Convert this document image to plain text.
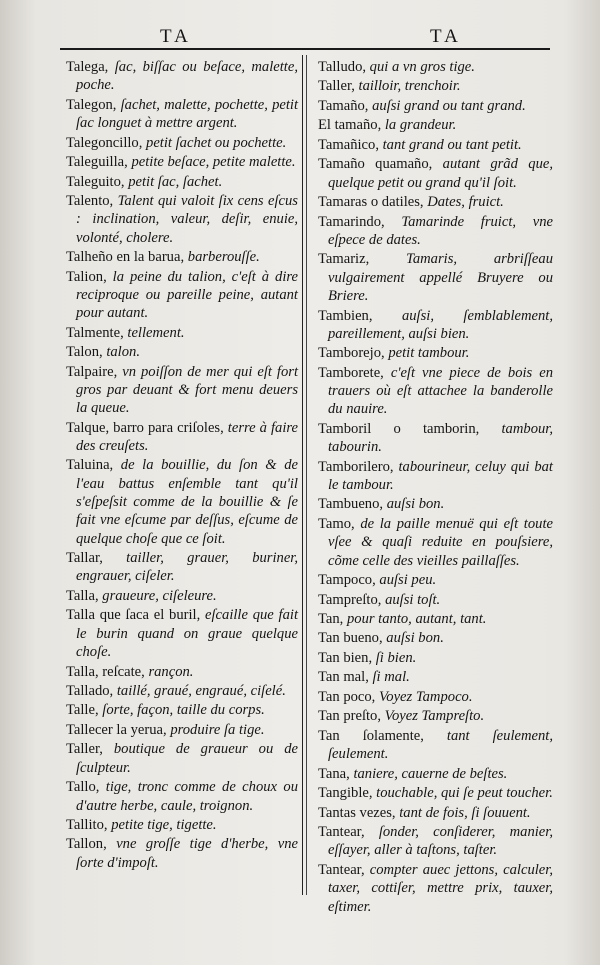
TA	TA
Talega, ſac, biſſac ou beſace, malette, poche.
Talegon, ſachet, malette, pochette, petit ſac longuet à mettre argent.
Talegoncillo, petit ſachet ou pochette.
Taleguilla, petite beſace, petite malette.
Taleguito, petit ſac, ſachet.
Talento, Talent qui valoit ſix cens eſcus : inclination, valeur, deſir, enuie, volonté, cholere.
Talheño en la barua, barberouſſe.
Talion, la peine du talion, c'eſt à dire reciproque ou pareille peine, autant pour autant.
Talmente, tellement.
Talon, talon.
Talpaire, vn poiſſon de mer qui eſt fort gros par deuant & fort menu deuers la queue.
Talque, barro para criſoles, terre à faire des creuſets.
Taluina, de la bouillie, du ſon & de l'eau battus enſemble tant qu'il s'eſpeſsit comme de la bouillie & ſe fait vne eſcume par deſſus, eſcume de quelque choſe que ce ſoit.
Tallar, tailler, grauer, buriner, engrauer, ciſeler.
Talla, graueure, ciſeleure.
Talla que ſaca el buril, eſcaille que fait le burin quand on graue quelque choſe.
Talla, reſcate, rançon.
Tallado, taillé, graué, engraué, ciſelé.
Talle, ſorte, façon, taille du corps.
Tallecer la yerua, produire ſa tige.
Taller, boutique de graueur ou de ſculpteur.
Tallo, tige, tronc comme de choux ou d'autre herbe, caule, troignon.
Tallito, petite tige, tigette.
Tallon, vne groſſe tige d'herbe, vne ſorte d'impoſt.
Talludo, qui a vn gros tige.
Taller, tailloir, trenchoir.
Tamaño, auſsi grand ou tant grand.
El tamaño, la grandeur.
Tamañico, tant grand ou tant petit.
Tamaño quamaño, autant grãd que, quelque petit ou grand qu'il ſoit.
Tamaras o datiles, Dates, fruict.
Tamarindo, Tamarinde fruict, vne eſpece de dates.
Tamariz, Tamaris, arbriſſeau vulgairement appellé Bruyere ou Briere.
Tambien, auſsi, ſemblablement, pareillement, auſsi bien.
Tamborejo, petit tambour.
Tamborete, c'eſt vne piece de bois en trauers où eſt attachee la banderolle du nauire.
Tamboril o tamborin, tambour, tabourin.
Tamborilero, tabourineur, celuy qui bat le tambour.
Tambueno, auſsi bon.
Tamo, de la paille menuë qui eſt toute vſee & quaſi reduite en pouſsiere, cõme celle des vieilles paillaſſes.
Tampoco, auſsi peu.
Tampreſto, auſsi toſt.
Tan, pour tanto, autant, tant.
Tan bueno, auſsi bon.
Tan bien, ſi bien.
Tan mal, ſi mal.
Tan poco, Voyez Tampoco.
Tan preſto, Voyez Tampreſto.
Tan ſolamente, tant ſeulement, ſeulement.
Tana, taniere, cauerne de beſtes.
Tangible, touchable, qui ſe peut toucher.
Tantas vezes, tant de fois, ſi ſouuent.
Tantear, ſonder, conſiderer, manier, eſſayer, aller à taſtons, taſter.
Tantear, compter auec jettons, calculer, taxer, cottiſer, mettre prix, tauxer, eſtimer.
